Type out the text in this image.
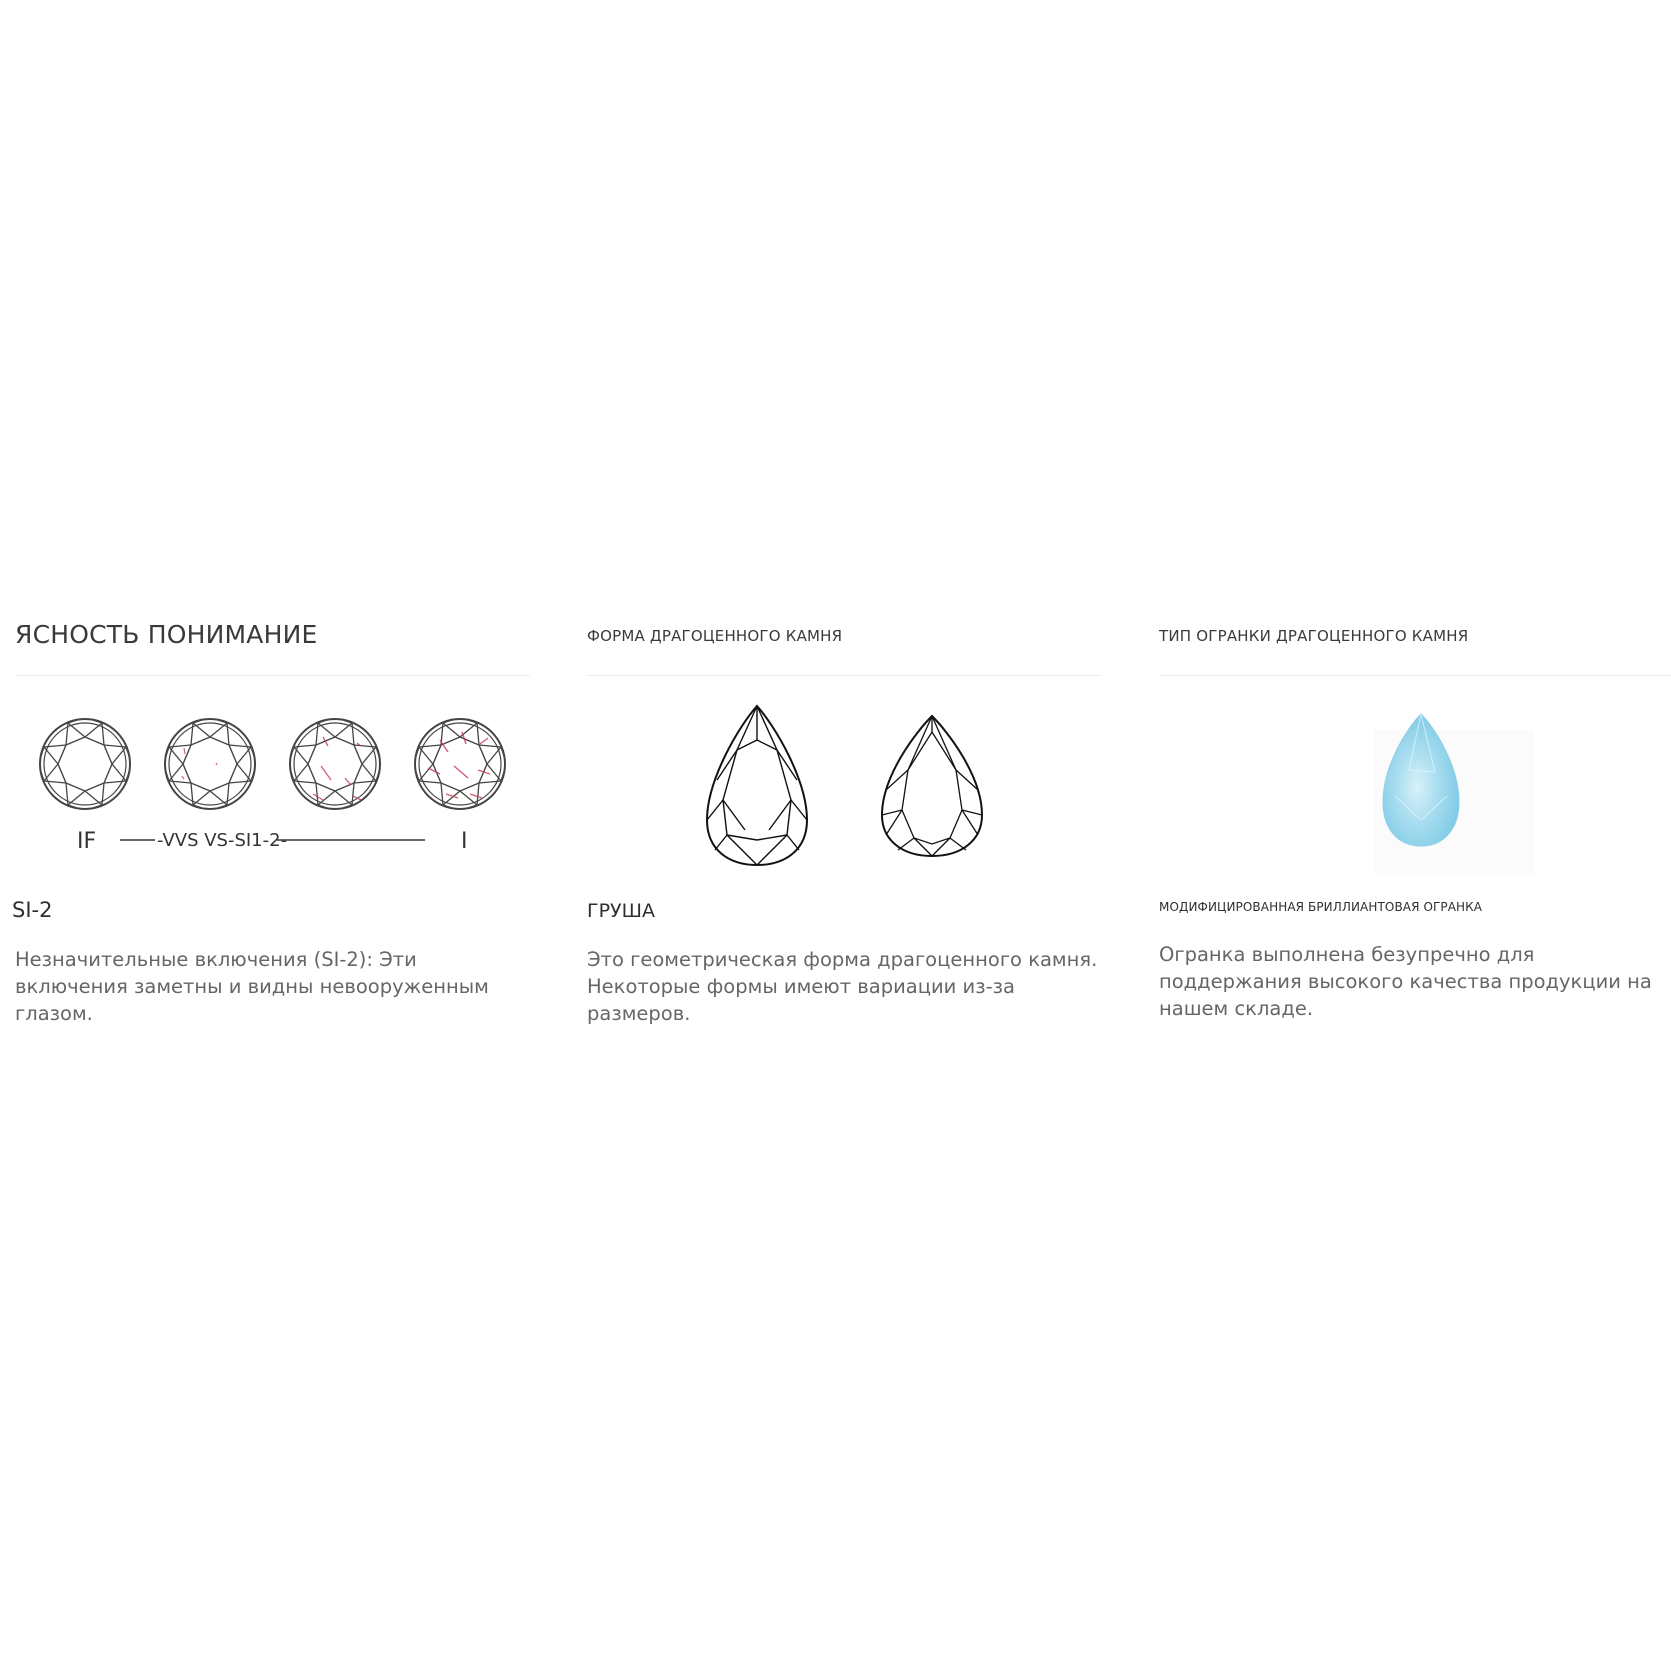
ЯСНОСТЬ ПОНИМАНИЕ
IF	-VVS VS-SI1-2-	I
SI-2
Незначительные включения (SI-2): Эти включения заметны и видны невооруженным глазом.
ФОРМА ДРАГОЦЕННОГО КАМНЯ
ГРУША
Это геометрическая форма драгоценного камня. Некоторые формы имеют вариации из-за размеров.
ТИП ОГРАНКИ ДРАГОЦЕННОГО КАМНЯ
МОДИФИЦИРОВАННАЯ БРИЛЛИАНТОВАЯ ОГРАНКА
Огранка выполнена безупречно для поддержания высокого качества продукции на нашем складе.
